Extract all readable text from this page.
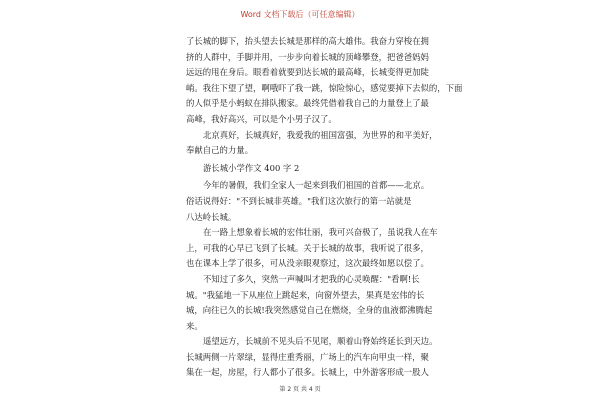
Word 文档下载后（可任意编辑）
了长城的脚下，抬头望去长城是那样的高大雄伟。我奋力穿梭在拥
挤的人群中，手脚并用，一步步向着长城的顶峰攀登，把爸爸妈妈
远远的甩在身后。眼看着就要到达长城的最高峰，长城变得更加陡
峭。我往下望了望，啊哦吓了我一跳，惊险惊心，感觉要掉下去似的，下面
的人似乎是小蚂蚁在排队搬家。最终凭借着我自己的力量登上了最
高峰，我好高兴，可以是个小男子汉了。
北京真好，长城真好，我爱我的祖国富强，为世界的和平美好，
奉献自己的力量。
游长城小学作文 400 字 2
今年的暑假，我们全家人一起来到我们祖国的首都——北京。
俗话说得好："不到长城非英雄。"我们这次旅行的第一站就是
八达岭长城。
在一路上想象着长城的宏伟壮丽，我可兴奋极了，虽说我人在车
上，可我的心早已飞到了长城。关于长城的故事，我听说了很多，
也在课本上学了很多，可从没亲眼观察过，这次最终如愿以偿了。
不知过了多久，突然一声喊叫才把我的心灵唤醒："看啊!长
城。"我猛地一下从座位上跳起来，向窗外望去，果真是宏伟的长
城，向往已久的长城!我突然感觉自己在燃烧，全身的血液都沸腾起
来。
遥望远方，长城前不见头后不见尾，顺着山脊始终延长到天边。
长城两侧一片翠绿，显得庄重秀丽，广场上的汽车向甲虫一样，聚
集在一起，房屋，行人都小了很多。长城上，中外游客形成一股人
第 2 页 共 4 页
